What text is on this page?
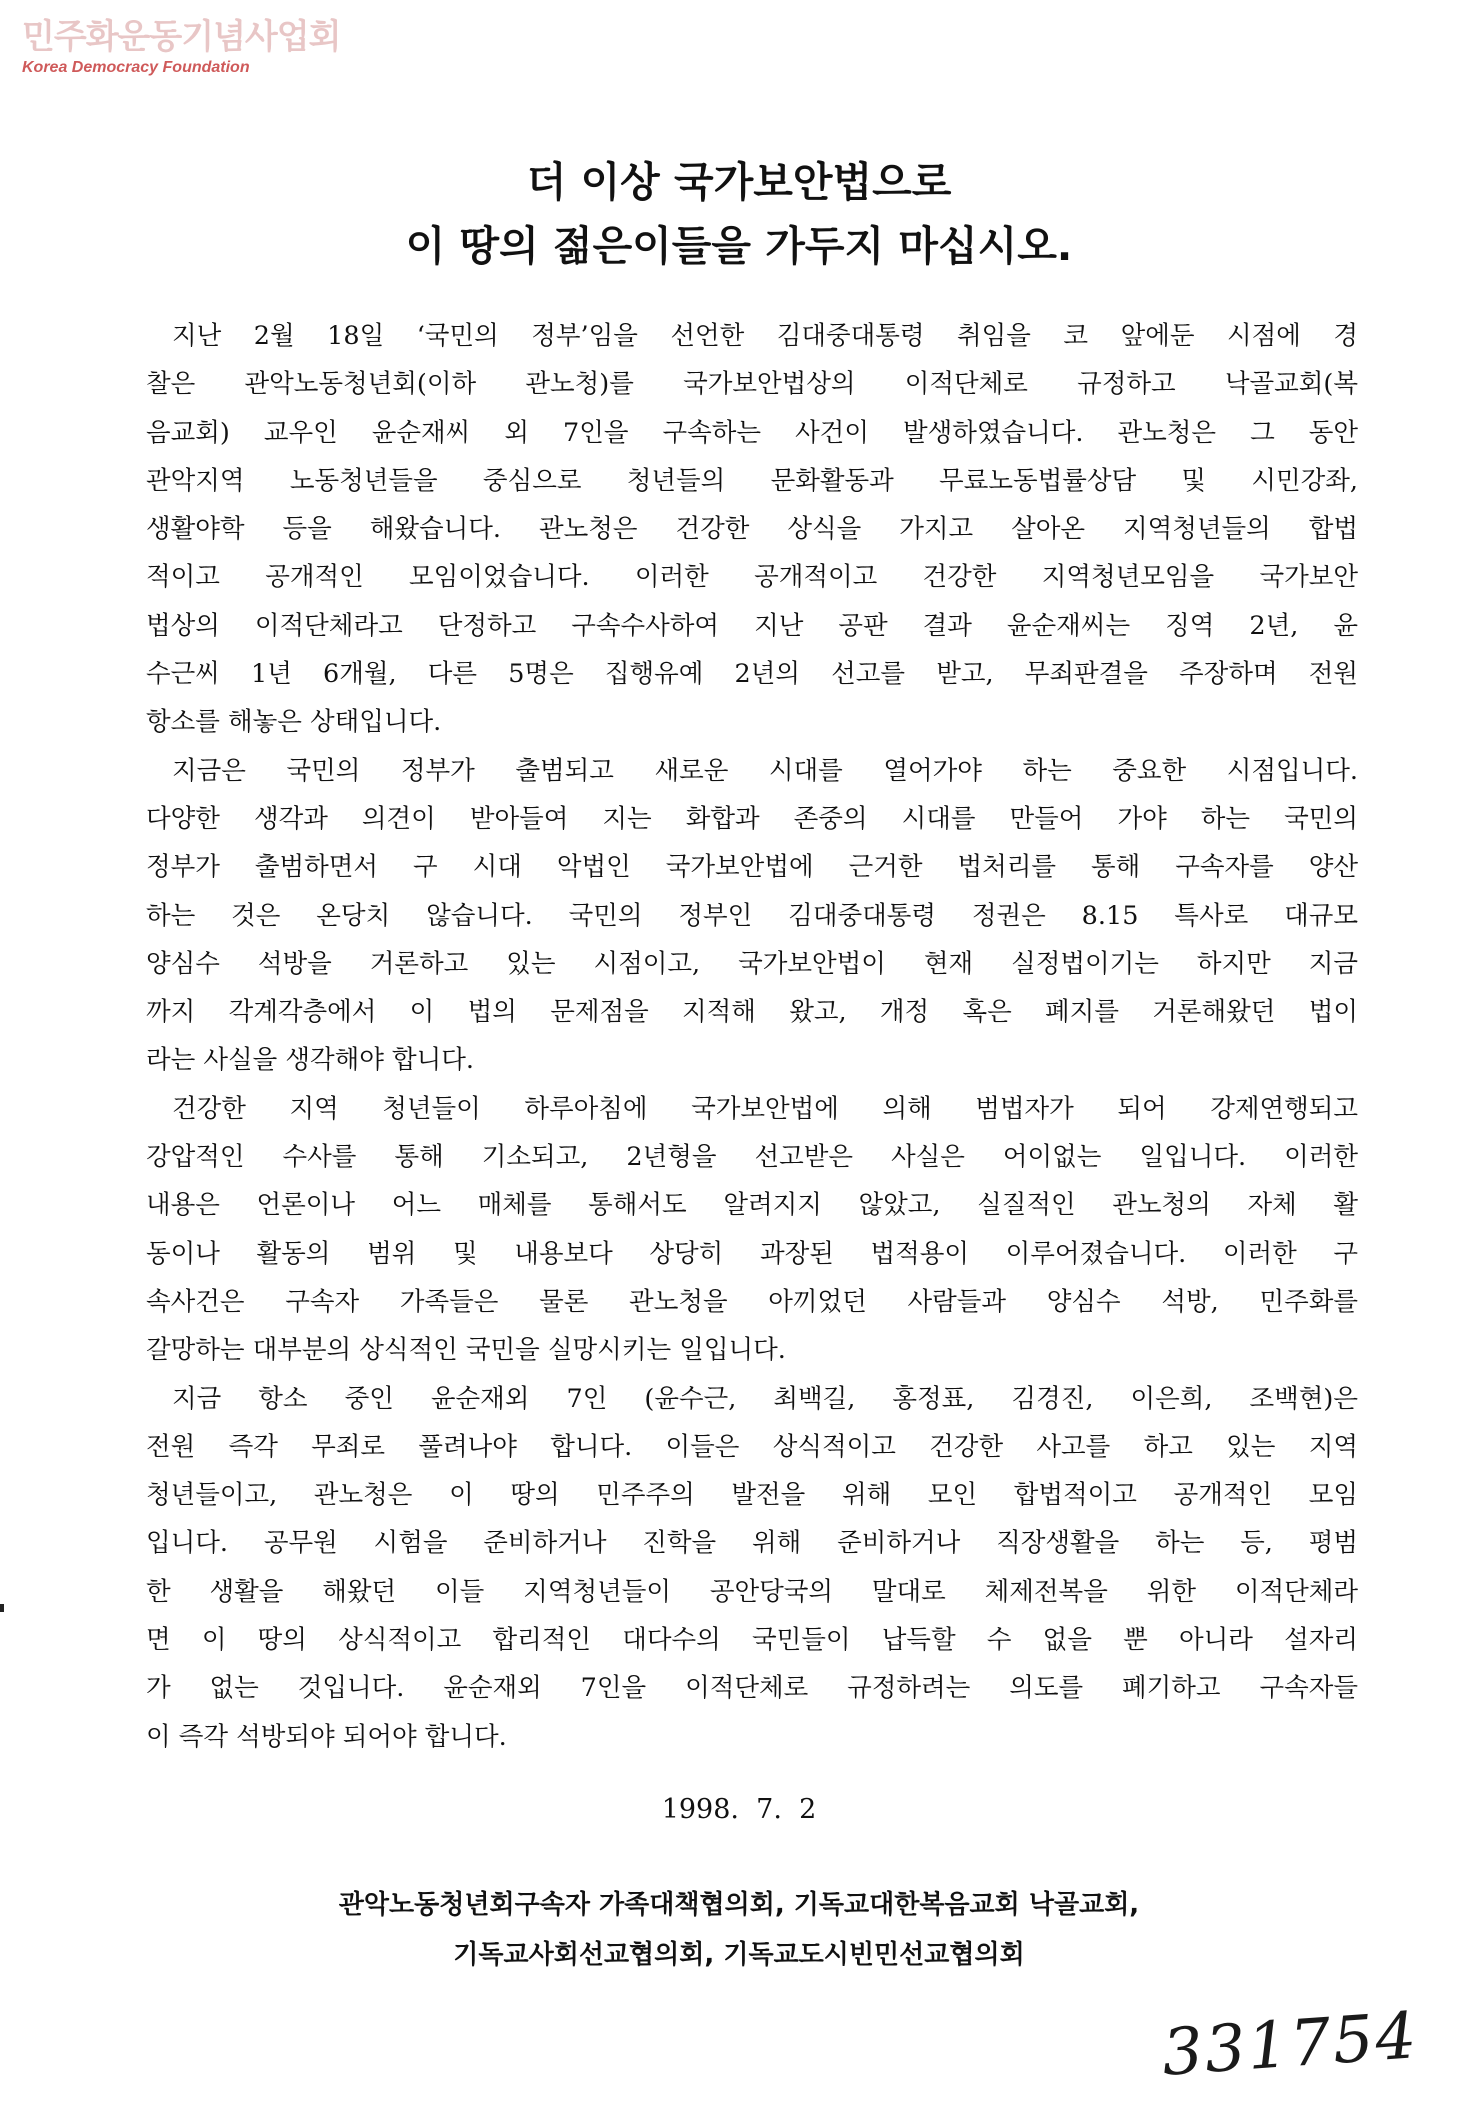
민주화운동기념사업회
Korea Democracy Foundation
더 이상 국가보안법으로
이 땅의 젊은이들을 가두지 마십시오.
지난 2월 18일 ‘국민의 정부’임을 선언한 김대중대통령 취임을 코 앞에둔 시점에 경
찰은 관악노동청년회(이하 관노청)를 국가보안법상의 이적단체로 규정하고 낙골교회(복
음교회) 교우인 윤순재씨 외 7인을 구속하는 사건이 발생하였습니다. 관노청은 그 동안
관악지역 노동청년들을 중심으로 청년들의 문화활동과 무료노동법률상담 및 시민강좌,
생활야학 등을 해왔습니다. 관노청은 건강한 상식을 가지고 살아온 지역청년들의 합법
적이고 공개적인 모임이었습니다. 이러한 공개적이고 건강한 지역청년모임을 국가보안
법상의 이적단체라고 단정하고 구속수사하여 지난 공판 결과 윤순재씨는 징역 2년, 윤
수근씨 1년 6개월, 다른 5명은 집행유예 2년의 선고를 받고, 무죄판결을 주장하며 전원
항소를 해놓은 상태입니다.
지금은 국민의 정부가 출범되고 새로운 시대를 열어가야 하는 중요한 시점입니다.
다양한 생각과 의견이 받아들여 지는 화합과 존중의 시대를 만들어 가야 하는 국민의
정부가 출범하면서 구 시대 악법인 국가보안법에 근거한 법처리를 통해 구속자를 양산
하는 것은 온당치 않습니다. 국민의 정부인 김대중대통령 정권은 8.15 특사로 대규모
양심수 석방을 거론하고 있는 시점이고, 국가보안법이 현재 실정법이기는 하지만 지금
까지 각계각층에서 이 법의 문제점을 지적해 왔고, 개정 혹은 폐지를 거론해왔던 법이
라는 사실을 생각해야 합니다.
건강한 지역 청년들이 하루아침에 국가보안법에 의해 범법자가 되어 강제연행되고
강압적인 수사를 통해 기소되고, 2년형을 선고받은 사실은 어이없는 일입니다. 이러한
내용은 언론이나 어느 매체를 통해서도 알려지지 않았고, 실질적인 관노청의 자체 활
동이나 활동의 범위 및 내용보다 상당히 과장된 법적용이 이루어졌습니다. 이러한 구
속사건은 구속자 가족들은 물론 관노청을 아끼었던 사람들과 양심수 석방, 민주화를
갈망하는 대부분의 상식적인 국민을 실망시키는 일입니다.
지금 항소 중인 윤순재외 7인 (윤수근, 최백길, 홍정표, 김경진, 이은희, 조백현)은
전원 즉각 무죄로 풀려나야 합니다. 이들은 상식적이고 건강한 사고를 하고 있는 지역
청년들이고, 관노청은 이 땅의 민주주의 발전을 위해 모인 합법적이고 공개적인 모임
입니다. 공무원 시험을 준비하거나 진학을 위해 준비하거나 직장생활을 하는 등, 평범
한 생활을 해왔던 이들 지역청년들이 공안당국의 말대로 체제전복을 위한 이적단체라
면 이 땅의 상식적이고 합리적인 대다수의 국민들이 납득할 수 없을 뿐 아니라 설자리
가 없는 것입니다. 윤순재외 7인을 이적단체로 규정하려는 의도를 폐기하고 구속자들
이 즉각 석방되야 되어야 합니다.
1998.  7.  2
관악노동청년회구속자 가족대책협의회, 기독교대한복음교회 낙골교회,
기독교사회선교협의회, 기독교도시빈민선교협의회
331754
